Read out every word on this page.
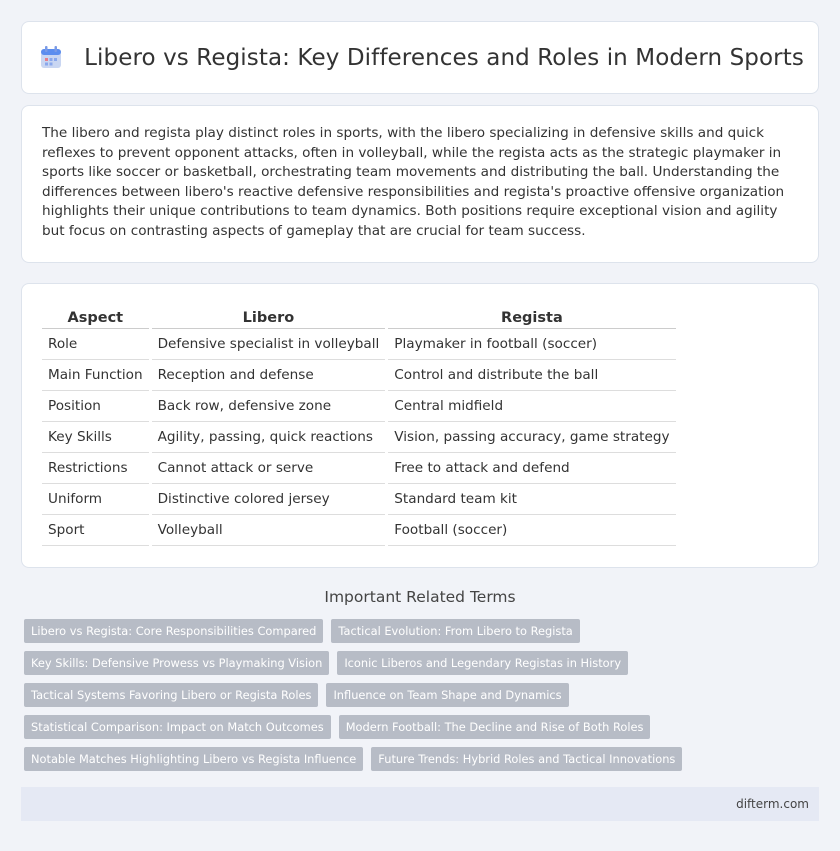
Libero vs Regista: Key Differences and Roles in Modern Sports

The libero and regista play distinct roles in sports, with the libero specializing in defensive skills and quick reflexes to prevent opponent attacks, often in volleyball, while the regista acts as the strategic playmaker in sports like soccer or basketball, orchestrating team movements and distributing the ball. Understanding the differences between libero's reactive defensive responsibilities and regista's proactive offensive organization highlights their unique contributions to team dynamics. Both positions require exceptional vision and agility but focus on contrasting aspects of gameplay that are crucial for team success.

Aspect	Libero	Regista
Role	Defensive specialist in volleyball	Playmaker in football (soccer)
Main Function	Reception and defense	Control and distribute the ball
Position	Back row, defensive zone	Central midfield
Key Skills	Agility, passing, quick reactions	Vision, passing accuracy, game strategy
Restrictions	Cannot attack or serve	Free to attack and defend
Uniform	Distinctive colored jersey	Standard team kit
Sport	Volleyball	Football (soccer)
Important Related Terms
Libero vs Regista: Core Responsibilities Compared	Tactical Evolution: From Libero to Regista
Key Skills: Defensive Prowess vs Playmaking Vision	Iconic Liberos and Legendary Registas in History
Tactical Systems Favoring Libero or Regista Roles	Influence on Team Shape and Dynamics
Statistical Comparison: Impact on Match Outcomes	Modern Football: The Decline and Rise of Both Roles
Notable Matches Highlighting Libero vs Regista Influence	Future Trends: Hybrid Roles and Tactical Innovations
difterm.com
